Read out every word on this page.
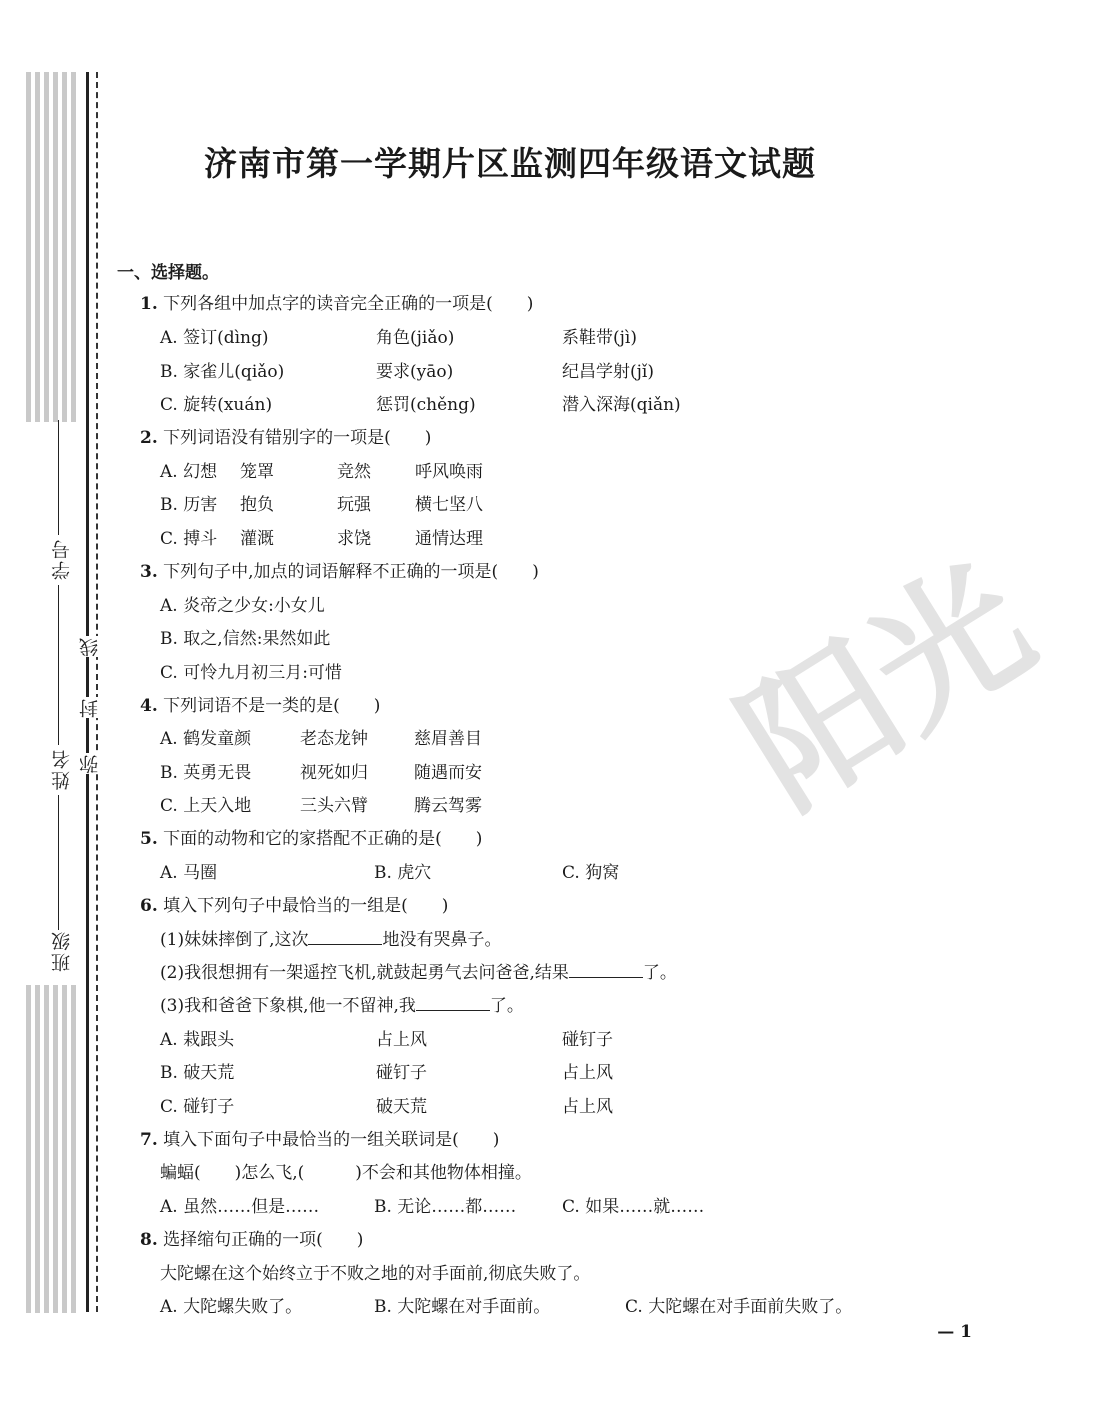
学号
姓名
班级
弥
封
线	阳光
济南市第一学期片区监测四年级语文试题
一、选择题。
1. 下列各组中加点字的读音完全正确的一项是(　　)
A. 签订(dìng)	角色(jiǎo)	系鞋带(jì)
B. 家雀儿(qiǎo)	要求(yāo)	纪昌学射(jǐ)
C. 旋转(xuán)	惩罚(chěng)	潜入深海(qiǎn)
2. 下列词语没有错别字的一项是(　　)
A. 幻想 笼罩	竞然	呼风唤雨
B. 历害 抱负	玩强	横七坚八
C. 搏斗 灌溉	求饶	通情达理
3. 下列句子中,加点的词语解释不正确的一项是(　　)
A. 炎帝之少女:小女儿
B. 取之,信然:果然如此
C. 可怜九月初三月:可惜
4. 下列词语不是一类的是(　　)
A. 鹤发童颜	老态龙钟	慈眉善目
B. 英勇无畏	视死如归	随遇而安
C. 上天入地	三头六臂	腾云驾雾
5. 下面的动物和它的家搭配不正确的是(　　)
A. 马圈	B. 虎穴	C. 狗窝
6. 填入下列句子中最恰当的一组是(　　)
(1)妹妹摔倒了,这次	地没有哭鼻子。
(2)我很想拥有一架遥控飞机,就鼓起勇气去问爸爸,结果	了。
(3)我和爸爸下象棋,他一不留神,我	了。
A. 栽跟头	占上风	碰钉子
B. 破天荒	碰钉子	占上风
C. 碰钉子	破天荒	占上风
7. 填入下面句子中最恰当的一组关联词是(　　)
蝙蝠(　　)怎么飞,(　　　)不会和其他物体相撞。
A. 虽然……但是……	B. 无论……都……	C. 如果……就……
8. 选择缩句正确的一项(　　)
大陀螺在这个始终立于不败之地的对手面前,彻底失败了。
A. 大陀螺失败了。	B. 大陀螺在对手面前。	C. 大陀螺在对手面前失败了。
— 1
